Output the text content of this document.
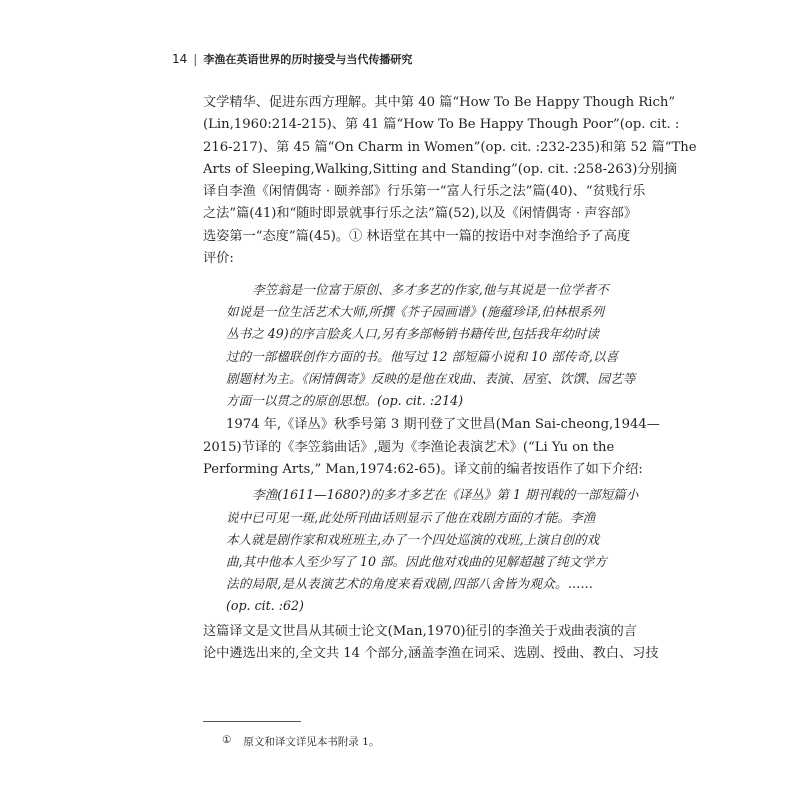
14 | 李渔在英语世界的历时接受与当代传播研究
文学精华、促进东西方理解。其中第 40 篇“How To Be Happy Though Rich”
(Lin,1960:214-215)、第 41 篇“How To Be Happy Though Poor”(op. cit. :
216-217)、第 45 篇“On Charm in Women”(op. cit. :232-235)和第 52 篇“The
Arts of Sleeping,Walking,Sitting and Standing”(op. cit. :258-263)分别摘
译自李渔《闲情偶寄 · 颐养部》行乐第一“富人行乐之法”篇(40)、“贫贱行乐
之法”篇(41)和“随时即景就事行乐之法”篇(52),以及《闲情偶寄 · 声容部》
选姿第一“态度”篇(45)。① 林语堂在其中一篇的按语中对李渔给予了高度
评价:
李笠翁是一位富于原创、多才多艺的作家,他与其说是一位学者不
如说是一位生活艺术大师,所撰《芥子园画谱》(施蕴珍译,伯林根系列
丛书之 49)的序言脍炙人口,另有多部畅销书籍传世,包括我年幼时读
过的一部楹联创作方面的书。他写过 12 部短篇小说和 10 部传奇,以喜
剧题材为主。《闲情偶寄》反映的是他在戏曲、表演、居室、饮馔、园艺等
方面一以贯之的原创思想。(op. cit. :214)
1974 年,《译丛》秋季号第 3 期刊登了文世昌(Man Sai-cheong,1944—
2015)节译的《李笠翁曲话》,题为《李渔论表演艺术》(“Li Yu on the
Performing Arts,” Man,1974:62-65)。译文前的编者按语作了如下介绍:
李渔(1611—1680?)的多才多艺在《译丛》第 1 期刊载的一部短篇小
说中已可见一斑,此处所刊曲话则显示了他在戏剧方面的才能。李渔
本人就是剧作家和戏班班主,办了一个四处巡演的戏班,上演自创的戏
曲,其中他本人至少写了 10 部。因此他对戏曲的见解超越了纯文学方
法的局限,是从表演艺术的角度来看戏剧,四部八舍皆为观众。……
(op. cit. :62)
这篇译文是文世昌从其硕士论文(Man,1970)征引的李渔关于戏曲表演的言
论中遴选出来的,全文共 14 个部分,涵盖李渔在词采、选剧、授曲、教白、习技
① 原文和译文详见本书附录 1。
